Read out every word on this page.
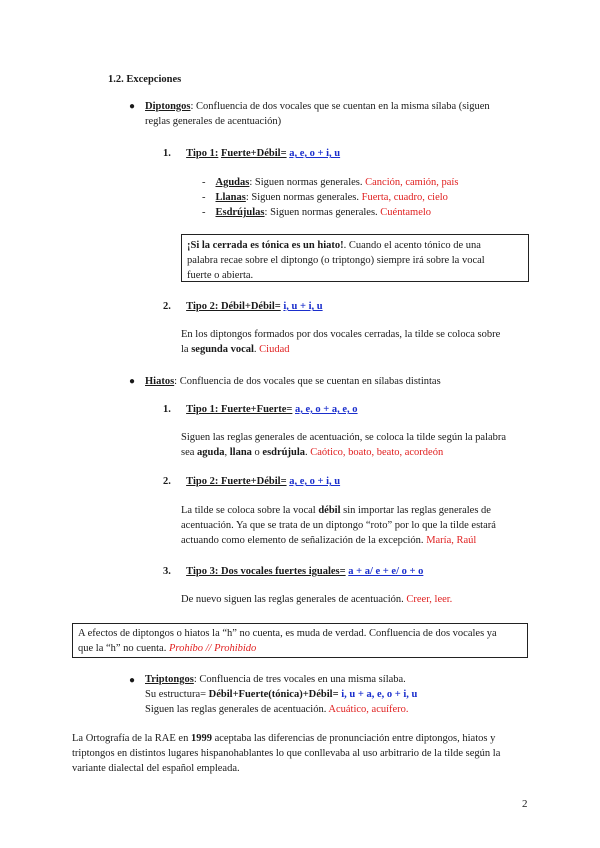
1.2. Excepciones
● Diptongos: Confluencia de dos vocales que se cuentan en la misma sílaba (siguen
reglas generales de acentuación)
1. Tipo 1: Fuerte+Débil= a, e, o + i, u
- Agudas: Siguen normas generales. Canción, camión, país
- Llanas: Siguen normas generales. Fuerta, cuadro, cielo
- Esdrújulas: Siguen normas generales. Cuéntamelo
¡Si la cerrada es tónica es un hiato!. Cuando el acento tónico de una
palabra recae sobre el diptongo (o triptongo) siempre irá sobre la vocal
fuerte o abierta.
2. Tipo 2: Débil+Débil= i, u + i, u
En los diptongos formados por dos vocales cerradas, la tilde se coloca sobre
la segunda vocal. Ciudad
● Hiatos: Confluencia de dos vocales que se cuentan en sílabas distintas
1. Tipo 1: Fuerte+Fuerte= a, e, o + a, e, o
Siguen las reglas generales de acentuación, se coloca la tilde según la palabra
sea aguda, llana o esdrújula. Caótico, boato, beato, acordeón
2. Tipo 2: Fuerte+Débil= a, e, o + i, u
La tilde se coloca sobre la vocal débil sin importar las reglas generales de
acentuación. Ya que se trata de un diptongo “roto” por lo que la tilde estará
actuando como elemento de señalización de la excepción. María, Raúl
3. Tipo 3: Dos vocales fuertes iguales= a + a/ e + e/ o + o
De nuevo siguen las reglas generales de acentuación. Creer, leer.
A efectos de diptongos o hiatos la “h” no cuenta, es muda de verdad. Confluencia de dos vocales ya
que la “h” no cuenta. Prohíbo // Prohibido
● Triptongos: Confluencia de tres vocales en una misma sílaba.
Su estructura= Débil+Fuerte(tónica)+Débil= i, u + a, e, o + i, u
Siguen las reglas generales de acentuación. Acuático, acuífero.
La Ortografía de la RAE en 1999 aceptaba las diferencias de pronunciación entre diptongos, hiatos y
triptongos en distintos lugares hispanohablantes lo que conllevaba al uso arbitrario de la tilde según la
variante dialectal del español empleada.
2
